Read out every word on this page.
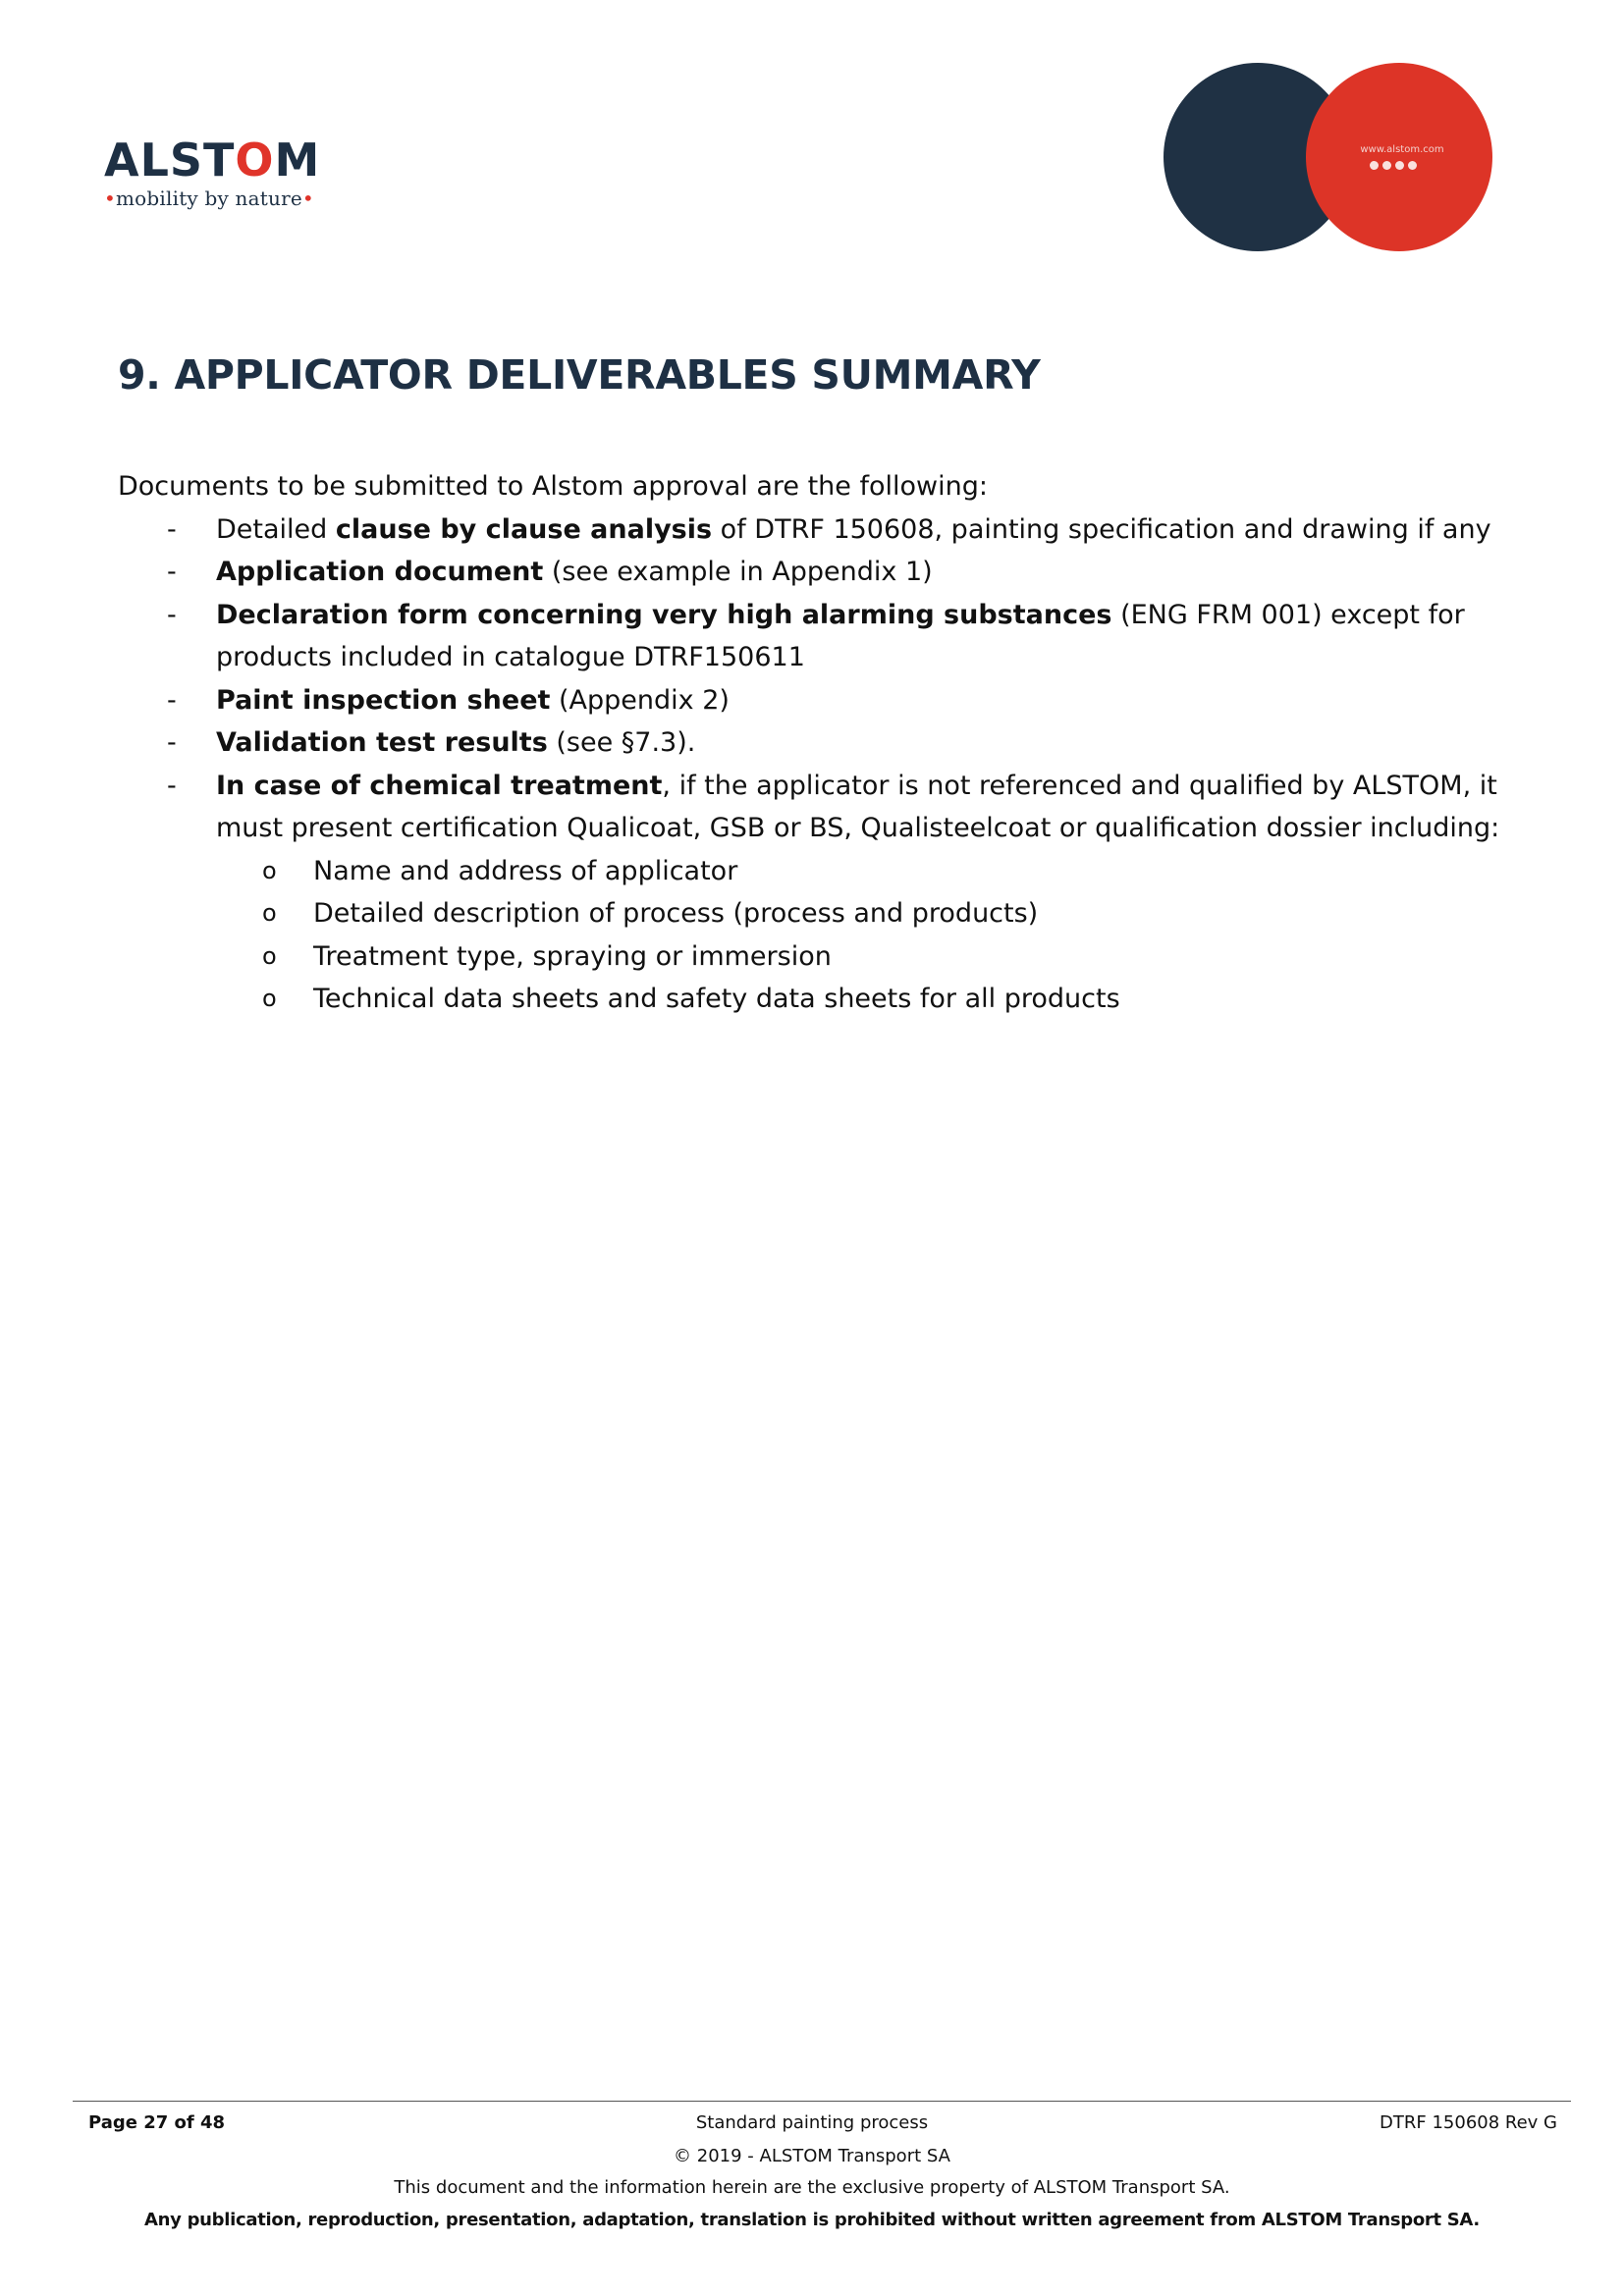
ALSTOM
•mobility by nature•
www.alstom.com
9. APPLICATOR DELIVERABLES SUMMARY

Documents to be submitted to Alstom approval are the following:

- Detailed clause by clause analysis of DTRF 150608, painting specification and drawing if any
- Application document (see example in Appendix 1)
- Declaration form concerning very high alarming substances (ENG FRM 001) except for products included in catalogue DTRF150611
- Paint inspection sheet (Appendix 2)
- Validation test results (see §7.3).
- In case of chemical treatment, if the applicator is not referenced and qualified by ALSTOM, it must present certification Qualicoat, GSB or BS, Qualisteelcoat or qualification dossier including:
o Name and address of applicator
o Detailed description of process (process and products)
o Treatment type, spraying or immersion
o Technical data sheets and safety data sheets for all products
Page 27 of 48	Standard painting process	DTRF 150608 Rev G
© 2019 - ALSTOM Transport SA
This document and the information herein are the exclusive property of ALSTOM Transport SA.
Any publication, reproduction, presentation, adaptation, translation is prohibited without written agreement from ALSTOM Transport SA.
